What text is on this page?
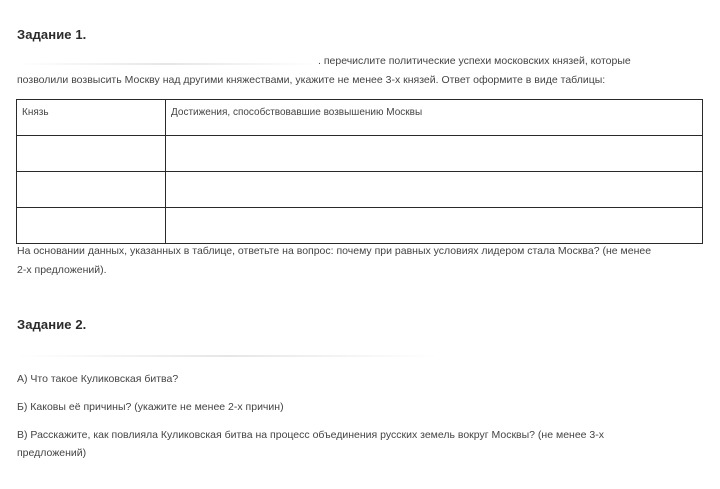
Задание 1.
. перечислите политические успехи московских князей, которые
позволили возвысить Москву над другими княжествами, укажите не менее 3-х князей. Ответ оформите в виде таблицы:
Князь	Достижения, способствовавшие возвышению Москвы

На основании данных, указанных в таблице, ответьте на вопрос: почему при равных условиях лидером стала Москва? (не менее
2-х предложений).
Задание 2.
А) Что такое Куликовская битва?
Б) Каковы её причины? (укажите не менее 2-х причин)
В) Расскажите, как повлияла Куликовская битва на процесс объединения русских земель вокруг Москвы? (не менее 3-х
предложений)
